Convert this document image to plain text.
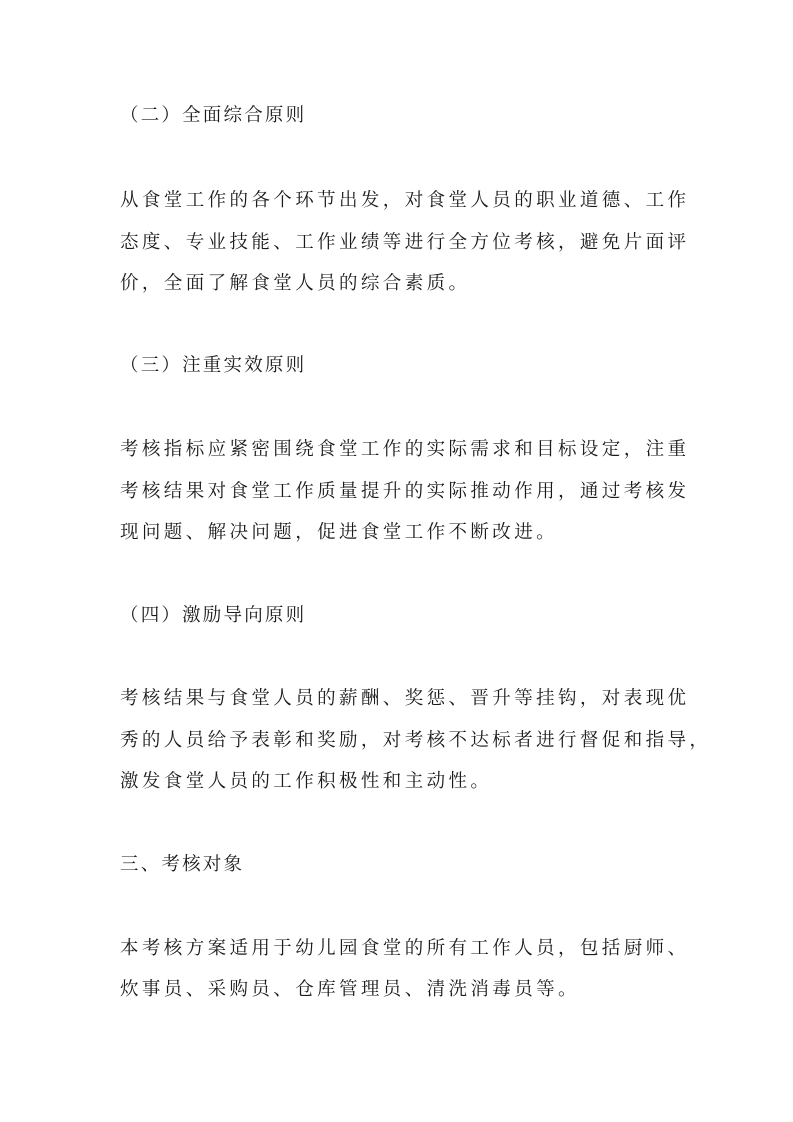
（二）全面综合原则
从食堂工作的各个环节出发，对食堂人员的职业道德、工作
态度、专业技能、工作业绩等进行全方位考核，避免片面评
价，全面了解食堂人员的综合素质。
（三）注重实效原则
考核指标应紧密围绕食堂工作的实际需求和目标设定，注重
考核结果对食堂工作质量提升的实际推动作用，通过考核发
现问题、解决问题，促进食堂工作不断改进。
（四）激励导向原则
考核结果与食堂人员的薪酬、奖惩、晋升等挂钩，对表现优
秀的人员给予表彰和奖励，对考核不达标者进行督促和指导，
激发食堂人员的工作积极性和主动性。
三、考核对象
本考核方案适用于幼儿园食堂的所有工作人员，包括厨师、
炊事员、采购员、仓库管理员、清洗消毒员等。
